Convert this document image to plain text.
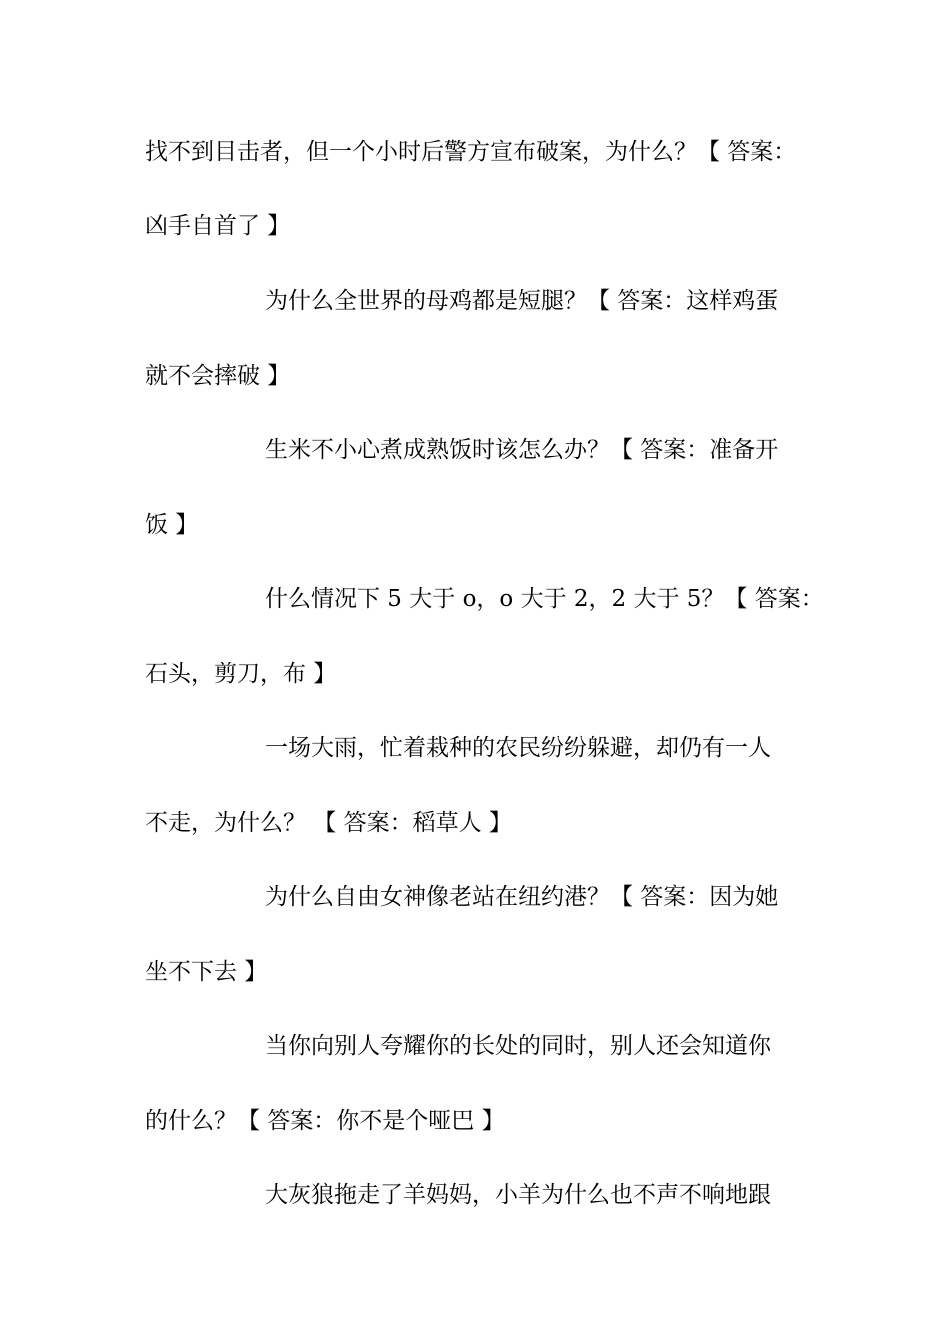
找不到目击者，但一个小时后警方宣布破案，为什么？【 答案：
凶手自首了 】
为什么全世界的母鸡都是短腿？【 答案：这样鸡蛋
就不会摔破 】
生米不小心煮成熟饭时该怎么办？【 答案：准备开
饭 】
什么情况下 5 大于 o，o 大于 2，2 大于 5？【 答案：
石头，剪刀，布 】
一场大雨，忙着栽种的农民纷纷躲避，却仍有一人
不走，为什么？ 【 答案：稻草人 】
为什么自由女神像老站在纽约港？【 答案：因为她
坐不下去 】
当你向别人夸耀你的长处的同时，别人还会知道你
的什么？【 答案：你不是个哑巴 】
大灰狼拖走了羊妈妈，小羊为什么也不声不响地跟
